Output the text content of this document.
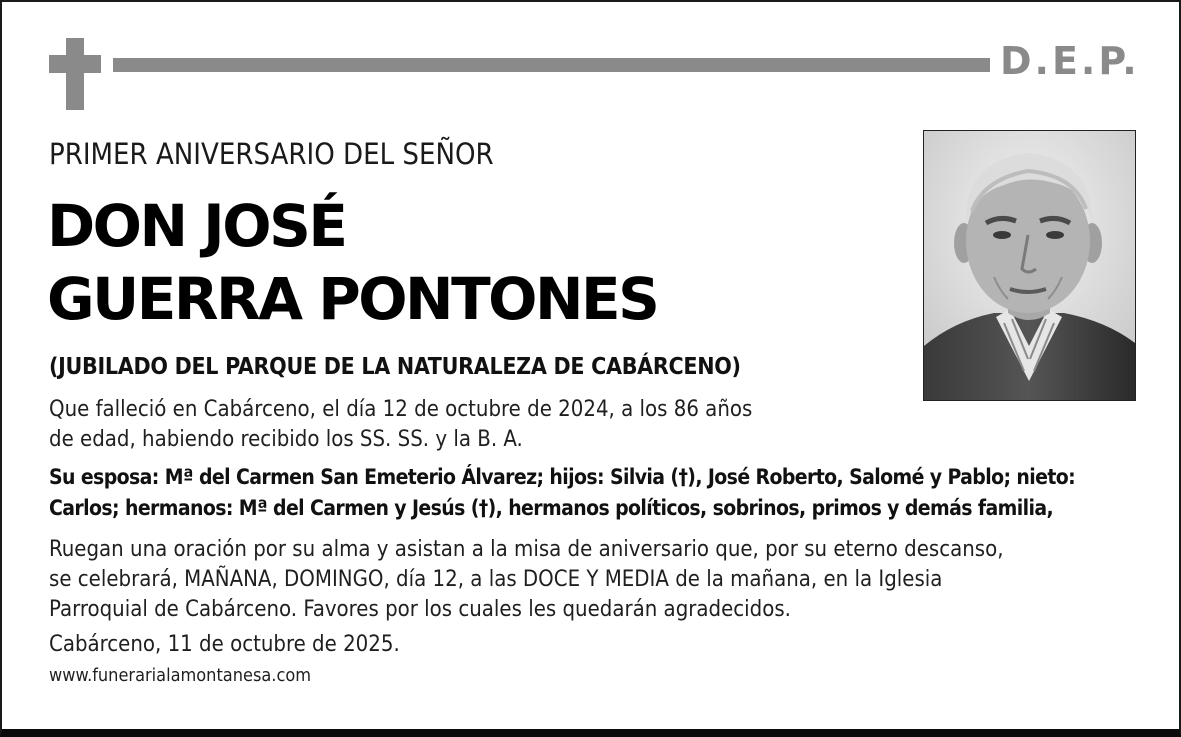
D.E.P.
PRIMER ANIVERSARIO DEL SEÑOR
DON JOSÉ
GUERRA PONTONES
(JUBILADO DEL PARQUE DE LA NATURALEZA DE CABÁRCENO)
Que falleció en Cabárceno, el día 12 de octubre de 2024, a los 86 años
de edad, habiendo recibido los SS. SS. y la B. A.
Su esposa: Mª del Carmen San Emeterio Álvarez; hijos: Silvia (†), José Roberto, Salomé y Pablo; nieto:
Carlos; hermanos: Mª del Carmen y Jesús (†), hermanos políticos, sobrinos, primos y demás familia,
Ruegan una oración por su alma y asistan a la misa de aniversario que, por su eterno descanso,
se celebrará, MAÑANA, DOMINGO, día 12, a las DOCE Y MEDIA de la mañana, en la Iglesia
Parroquial de Cabárceno. Favores por los cuales les quedarán agradecidos.
Cabárceno, 11 de octubre de 2025.
www.funerarialamontanesa.com
